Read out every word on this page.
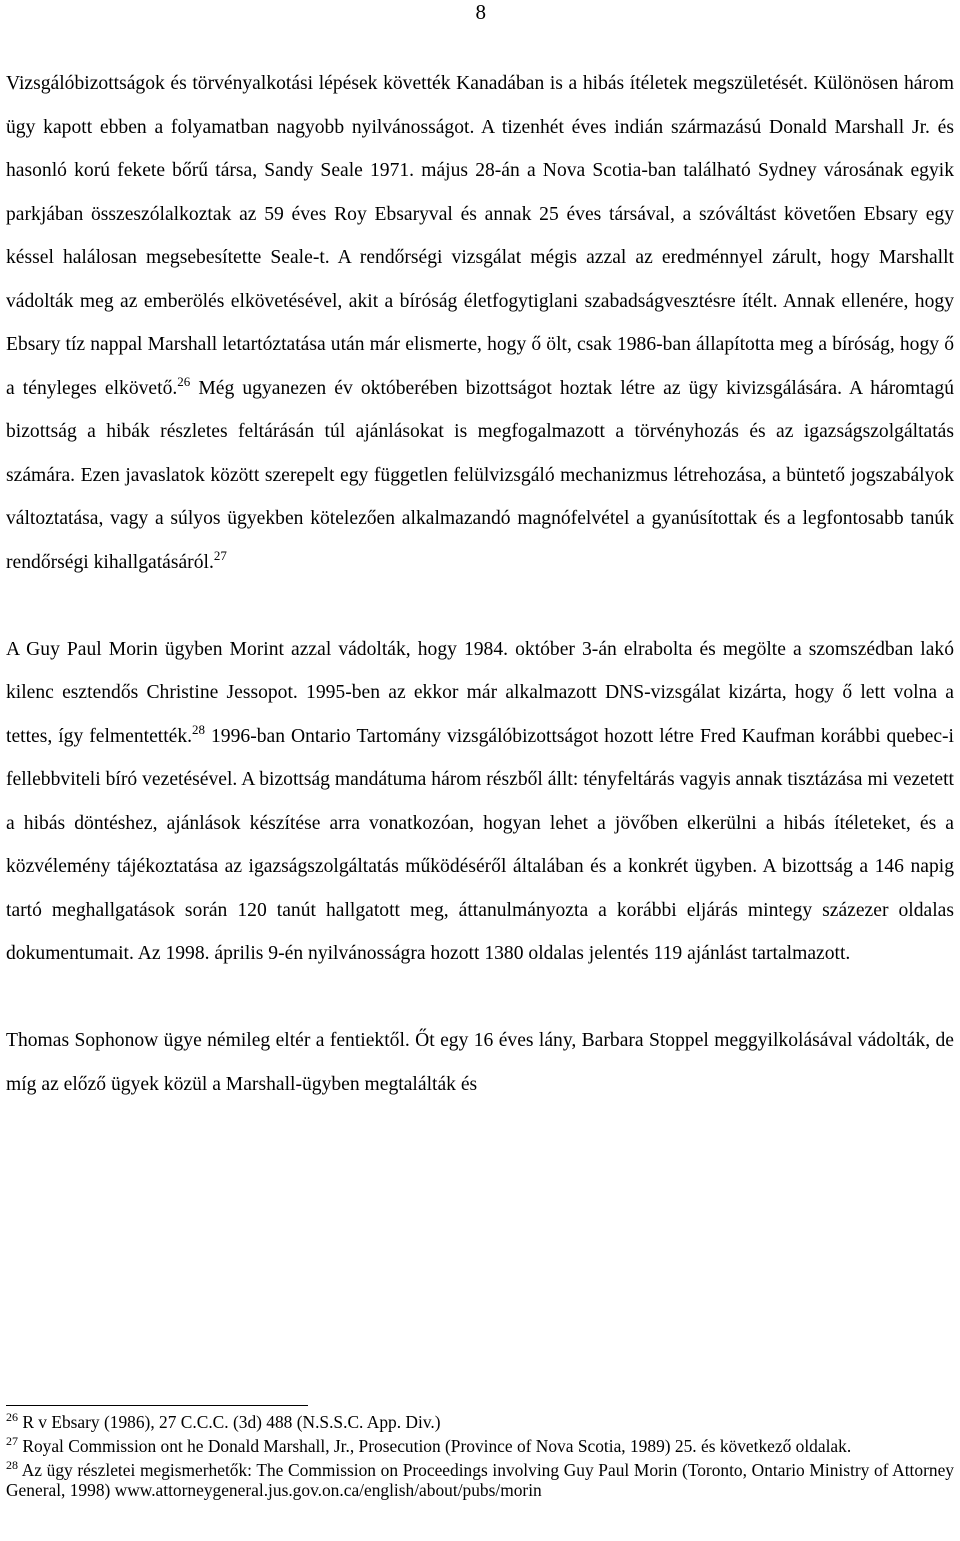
8

Vizsgálóbizottságok és törvényalkotási lépések követték Kanadában is a hibás ítéletek megszületését. Különösen három ügy kapott ebben a folyamatban nagyobb nyilvánosságot. A tizenhét éves indián származású Donald Marshall Jr. és hasonló korú fekete bőrű társa, Sandy Seale 1971. május 28-án a Nova Scotia-ban található Sydney városának egyik parkjában összeszólalkoztak az 59 éves Roy Ebsaryval és annak 25 éves társával, a szóváltást követően Ebsary egy késsel halálosan megsebesítette Seale-t. A rendőrségi vizsgálat mégis azzal az eredménnyel zárult, hogy Marshallt vádolták meg az emberölés elkövetésével, akit a bíróság életfogytiglani szabadságvesztésre ítélt. Annak ellenére, hogy Ebsary tíz nappal Marshall letartóztatása után már elismerte, hogy ő ölt, csak 1986-ban állapította meg a bíróság, hogy ő a tényleges elkövető.$^{26}$ Még ugyanezen év októberében bizottságot hoztak létre az ügy kivizsgálására. A háromtagú bizottság a hibák részletes feltárásán túl ajánlásokat is megfogalmazott a törvényhozás és az igazságszolgáltatás számára. Ezen javaslatok között szerepelt egy független felülvizsgáló mechanizmus létrehozása, a büntető jogszabályok változtatása, vagy a súlyos ügyekben kötelezően alkalmazandó magnófelvétel a gyanúsítottak és a legfontosabb tanúk rendőrségi kihallgatásáról.$^{27}$

A Guy Paul Morin ügyben Morint azzal vádolták, hogy 1984. október 3-án elrabolta és megölte a szomszédban lakó kilenc esztendős Christine Jessopot. 1995-ben az ekkor már alkalmazott DNS-vizsgálat kizárta, hogy ő lett volna a tettes, így felmentették.$^{28}$ 1996-ban Ontario Tartomány vizsgálóbizottságot hozott létre Fred Kaufman korábbi quebec-i fellebbviteli bíró vezetésével. A bizottság mandátuma három részből állt: tényfeltárás vagyis annak tisztázása mi vezetett a hibás döntéshez, ajánlások készítése arra vonatkozóan, hogyan lehet a jövőben elkerülni a hibás ítéleteket, és a közvélemény tájékoztatása az igazságszolgáltatás működéséről általában és a konkrét ügyben. A bizottság a 146 napig tartó meghallgatások során 120 tanút hallgatott meg, áttanulmányozta a korábbi eljárás mintegy százezer oldalas dokumentumait. Az 1998. április 9-én nyilvánosságra hozott 1380 oldalas jelentés 119 ajánlást tartalmazott.

Thomas Sophonow ügye némileg eltér a fentiektől. Őt egy 16 éves lány, Barbara Stoppel meggyilkolásával vádolták, de míg az előző ügyek közül a Marshall-ügyben megtalálták és

$^{26}$ R v Ebsary (1986), 27 C.C.C. (3d) 488 (N.S.S.C. App. Div.)
$^{27}$ Royal Commission ont he Donald Marshall, Jr., Prosecution (Province of Nova Scotia, 1989) 25. és következő oldalak.
$^{28}$ Az ügy részletei megismerhetők: The Commission on Proceedings involving Guy Paul Morin (Toronto, Ontario Ministry of Attorney General, 1998) www.attorneygeneral.jus.gov.on.ca/english/about/pubs/morin
